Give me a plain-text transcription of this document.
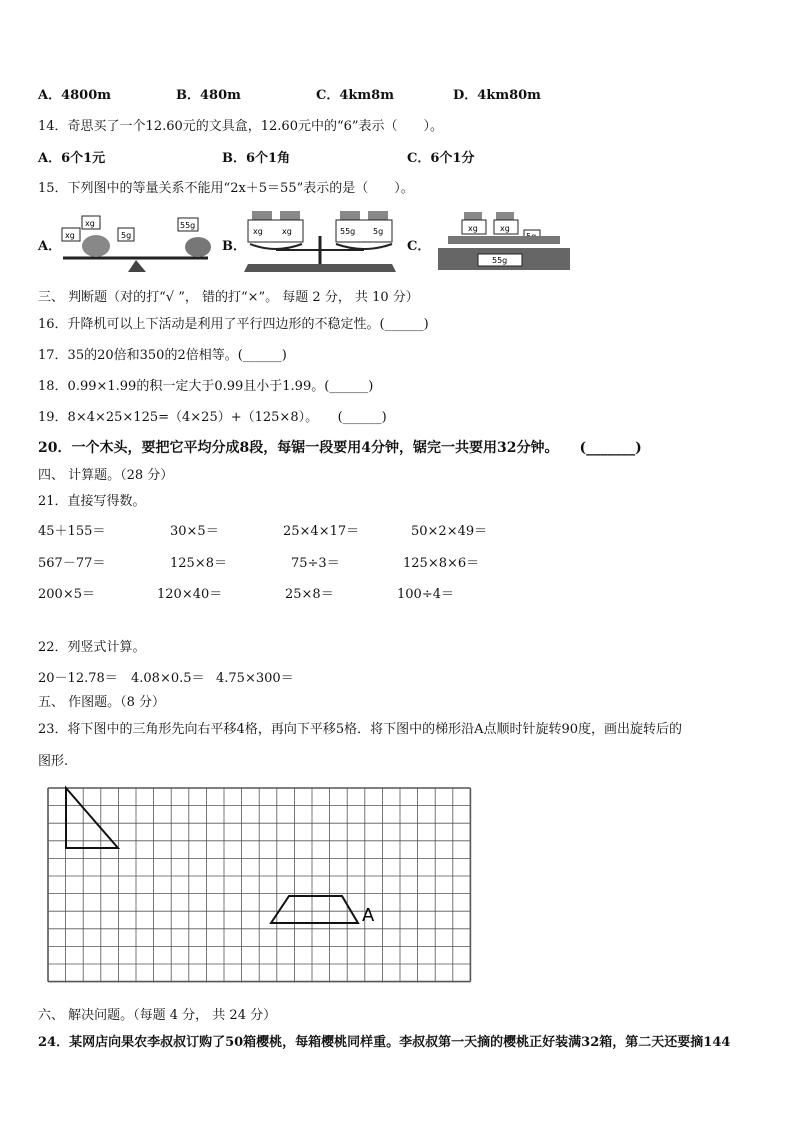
A．4800m	B．480m	C．4km8m	D．4km80m
14．奇思买了一个12.60元的文具盒，12.60元中的“6”表示（　　）。
A．6个1元	B．6个1角	C．6个1分
15．下列图中的等量关系不能用“2x＋5＝55”表示的是（　　）。
A．	B．	C．
xg
xg
5g
55g
xg xg	55g 5g	xg	xg
55g
三、 判断题（对的打“√ ”， 错的打“×”。 每题 2 分， 共 10 分）
16．升降机可以上下活动是利用了平行四边形的不稳定性。(______)
17．35的20倍和350的2倍相等。(______)
18．0.99×1.99的积一定大于0.99且小于1.99。(______)
19．8×4×25×125=（4×25）+（125×8）。　　(______)
20．一个木头，要把它平均分成8段，每锯一段要用4分钟，锯完一共要用32分钟。　　(_______)
四、 计算题。（28 分）
21．直接写得数。
45＋155＝	30×5＝	25×4×17＝	50×2×49＝
567－77＝	125×8＝	75÷3＝	125×8×6＝
200×5＝	120×40＝	25×8＝	100÷4＝
22．列竖式计算。
20－12.78＝ 4.08×0.5＝ 4.75×300＝
五、 作图题。（8 分）
23．将下图中的三角形先向右平移4格，再向下平移5格．将下图中的梯形沿A点顺时针旋转90度，画出旋转后的
图形.
A
六、 解决问题。（每题 4 分， 共 24 分）
24．某网店向果农李叔叔订购了50箱樱桃，每箱樱桃同样重。李叔叔第一天摘的樱桃正好装满32箱，第二天还要摘144
